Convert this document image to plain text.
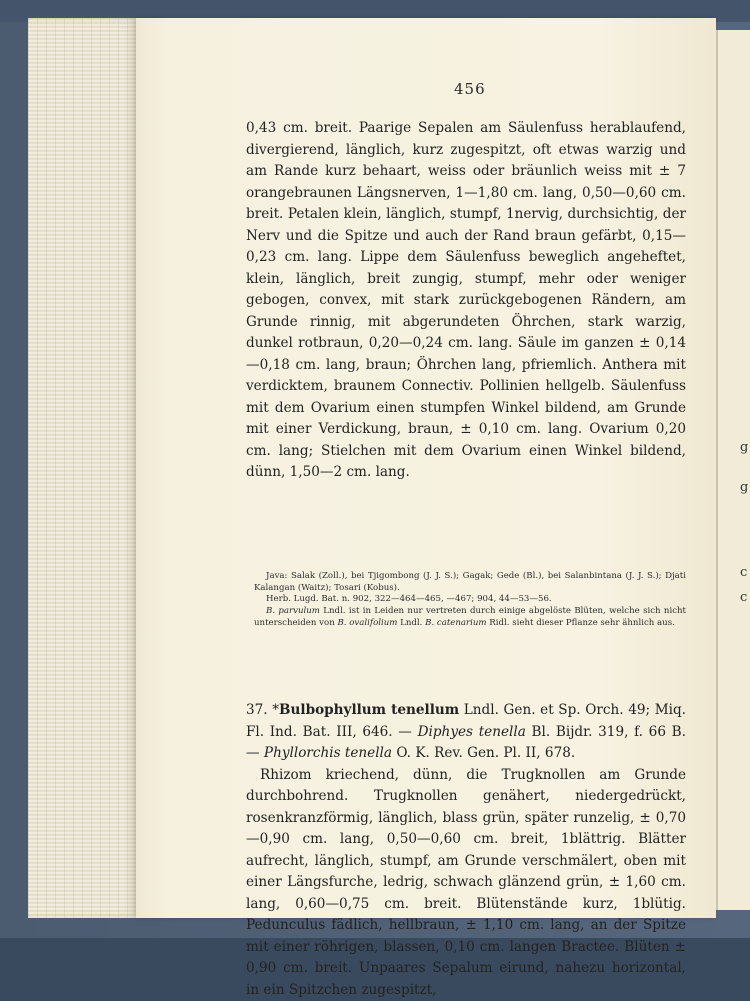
g
g
c
c
456

0,43 cm. breit. Paarige Sepalen am Säulenfuss herablaufend, divergierend, länglich, kurz zugespitzt, oft etwas warzig und am Rande kurz behaart, weiss oder bräunlich weiss mit ± 7 orangebraunen Längsnerven, 1—1,80 cm. lang, 0,50—0,60 cm. breit. Petalen klein, länglich, stumpf, 1nervig, durchsichtig, der Nerv und die Spitze und auch der Rand braun gefärbt, 0,15—0,23 cm. lang. Lippe dem Säulenfuss beweglich angeheftet, klein, länglich, breit zungig, stumpf, mehr oder weniger gebogen, convex, mit stark zurückgebogenen Rändern, am Grunde rinnig, mit abgerundeten Öhrchen, stark warzig, dunkel rotbraun, 0,20—0,24 cm. lang. Säule im ganzen ± 0,14—0,18 cm. lang, braun; Öhrchen lang, pfriemlich. Anthera mit verdicktem, braunem Connectiv. Pollinien hellgelb. Säulenfuss mit dem Ovarium einen stumpfen Winkel bildend, am Grunde mit einer Verdickung, braun, ± 0,10 cm. lang. Ovarium 0,20 cm. lang; Stielchen mit dem Ovarium einen Winkel bildend, dünn, 1,50—2 cm. lang.

Java: Salak (Zoll.), bei Tjigombong (J. J. S.); Gagak; Gede (Bl.), bei Salanbintana (J. J. S.); Djati Kalangan (Waitz); Tosari (Kobus).

Herb. Lugd. Bat. n. 902, 322—464—465, —467; 904, 44—53—56.

B. parvulum Lndl. ist in Leiden nur vertreten durch einige abgelöste Blüten, welche sich nicht unterscheiden von B. ovalifolium Lndl. B. catenarium Ridl. sieht dieser Pflanze sehr ähnlich aus.

37. *Bulbophyllum tenellum Lndl. Gen. et Sp. Orch. 49; Miq. Fl. Ind. Bat. III, 646. — Diphyes tenella Bl. Bijdr. 319, f. 66 B. — Phyllorchis tenella O. K. Rev. Gen. Pl. II, 678.

Rhizom kriechend, dünn, die Trugknollen am Grunde durchbohrend. Trugknollen genähert, niedergedrückt, rosenkranzförmig, länglich, blass grün, später runzelig, ± 0,70—0,90 cm. lang, 0,50—0,60 cm. breit, 1blättrig. Blätter aufrecht, länglich, stumpf, am Grunde verschmälert, oben mit einer Längsfurche, ledrig, schwach glänzend grün, ± 1,60 cm. lang, 0,60—0,75 cm. breit. Blütenstände kurz, 1blütig. Pedunculus fädlich, hellbraun, ± 1,10 cm. lang, an der Spitze mit einer röhrigen, blassen, 0,10 cm. langen Bractee. Blüten ± 0,90 cm. breit. Unpaares Sepalum eirund, nahezu horizontal, in ein Spitzchen zugespitzt,
